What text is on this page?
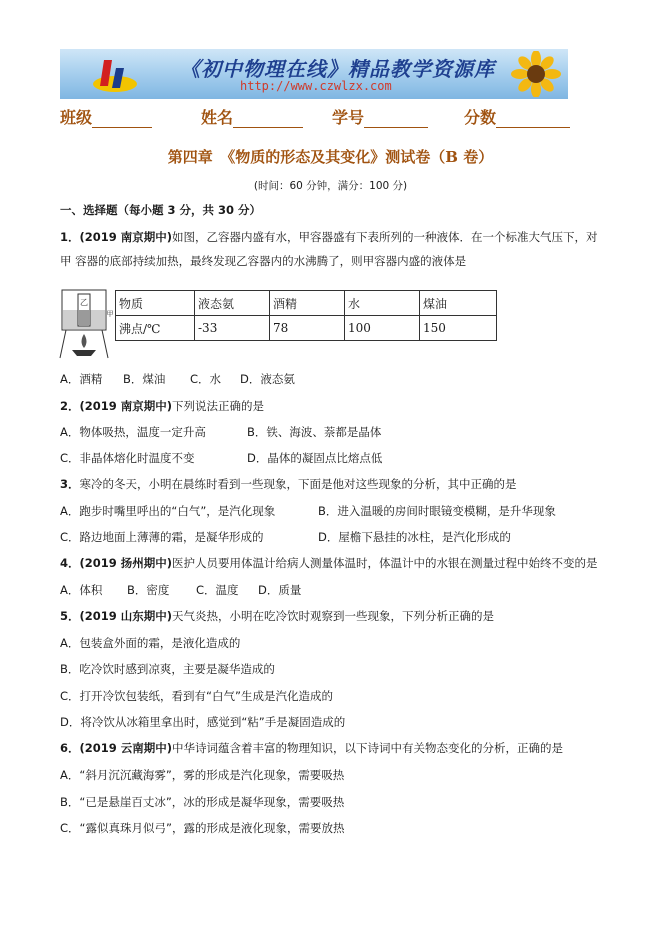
《初中物理在线》精品教学资源库
http://www.czwlzx.com
班级	姓名	学号	分数
第四章　《物质的形态及其变化》测试卷（B 卷）
(时间：60 分钟，满分：100 分)
一、选择题（每小题 3 分，共 30 分）
1．(2019 南京期中)如图，乙容器内盛有水，甲容器盛有下表所列的一种液体．在一个标准大气压下，对
甲 容器的底部持续加热，最终发现乙容器内的水沸腾了，则甲容器内盛的液体是
乙
甲
物质	液态氨	酒精	水	煤油
沸点/℃	-33	78	100	150
A．酒精 B．煤油 C．水 D．液态氨
2．(2019 南京期中)下列说法正确的是
A．物体吸热，温度一定升高	B．铁、海波、萘都是晶体
C．非晶体熔化时温度不变	D．晶体的凝固点比熔点低
3．寒冷的冬天，小明在晨练时看到一些现象，下面是他对这些现象的分析，其中正确的是
A．跑步时嘴里呼出的“白气”，是汽化现象	B．进入温暖的房间时眼镜变模糊，是升华现象
C．路边地面上薄薄的霜，是凝华形成的	D．屋檐下悬挂的冰柱，是汽化形成的
4．(2019 扬州期中)医护人员要用体温计给病人测量体温时，体温计中的水银在测量过程中始终不变的是
A．体积 B．密度 C．温度 D．质量
5．(2019 山东期中)天气炎热，小明在吃冷饮时观察到一些现象，下列分析正确的是
A．包装盒外面的霜，是液化造成的
B．吃冷饮时感到凉爽，主要是凝华造成的
C．打开冷饮包装纸，看到有“白气”生成是汽化造成的
D．将冷饮从冰箱里拿出时，感觉到“粘”手是凝固造成的
6．(2019 云南期中)中华诗词蕴含着丰富的物理知识，以下诗词中有关物态变化的分析，正确的是
A．“斜月沉沉藏海雾”，雾的形成是汽化现象，需要吸热
B．“已是悬崖百丈冰”，冰的形成是凝华现象，需要吸热
C．“露似真珠月似弓”，露的形成是液化现象，需要放热
